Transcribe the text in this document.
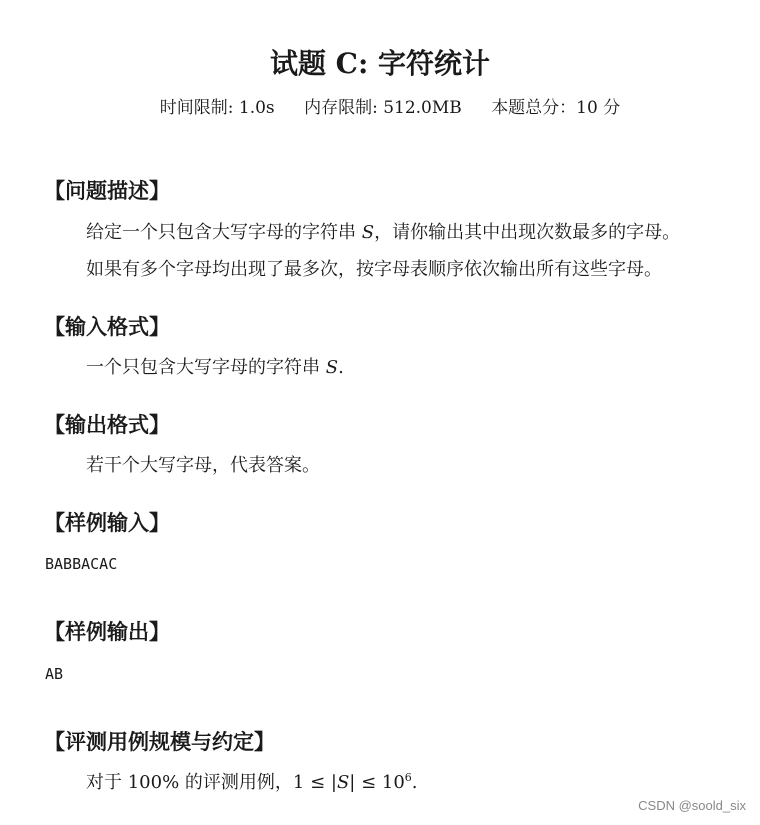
试题 C: 字符统计
时间限制: 1.0s 内存限制: 512.0MB 本题总分：10 分
【问题描述】
给定一个只包含大写字母的字符串 S，请你输出其中出现次数最多的字母。
如果有多个字母均出现了最多次，按字母表顺序依次输出所有这些字母。
【输入格式】
一个只包含大写字母的字符串 S.
【输出格式】
若干个大写字母，代表答案。
【样例输入】
BABBACAC
【样例输出】
AB
【评测用例规模与约定】
对于 100% 的评测用例，$1 \le |S| \le 10^6$.
CSDN @soold_six
